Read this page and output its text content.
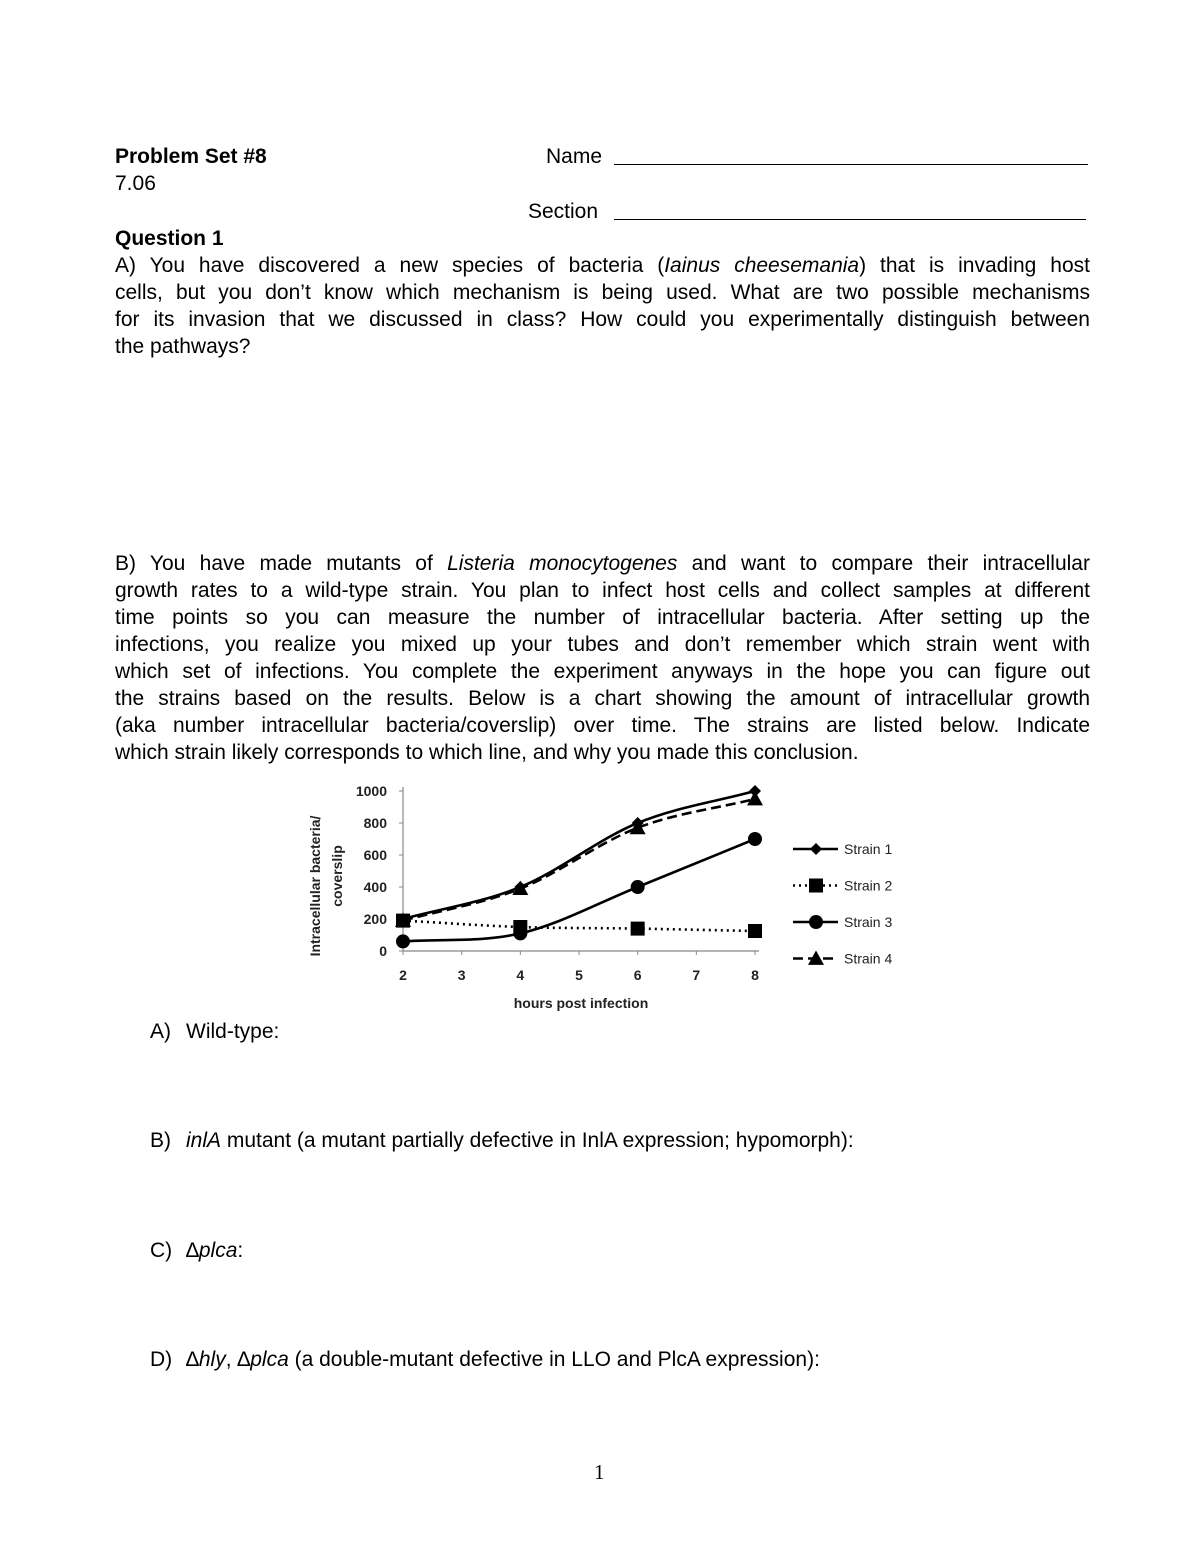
Problem Set #8
7.06
Name
Section
Question 1
A) You have discovered a new species of bacteria (Iainus cheesemania) that is invading host
cells, but you don’t know which mechanism is being used. What are two possible mechanisms
for its invasion that we discussed in class? How could you experimentally distinguish between
the pathways?
B) You have made mutants of Listeria monocytogenes and want to compare their intracellular
growth rates to a wild-type strain. You plan to infect host cells and collect samples at different
time points so you can measure the number of intracellular bacteria. After setting up the
infections, you realize you mixed up your tubes and don’t remember which strain went with
which set of infections. You complete the experiment anyways in the hope you can figure out
the strains based on the results. Below is a chart showing the amount of intracellular growth
(aka number intracellular bacteria/coverslip) over time. The strains are listed below. Indicate
which strain likely corresponds to which line, and why you made this conclusion.
0
200
400
600
800
1000
2	3	4	5	6	7	8
hours post infection
Intracellular bacteria/ coverslip	Strain 1
Strain 2
Strain 3
Strain 4
A) Wild-type:
B) inlA mutant (a mutant partially defective in InlA expression; hypomorph):
C) ∆plca:
D) ∆hly, ∆plca (a double-mutant defective in LLO and PlcA expression):
1
